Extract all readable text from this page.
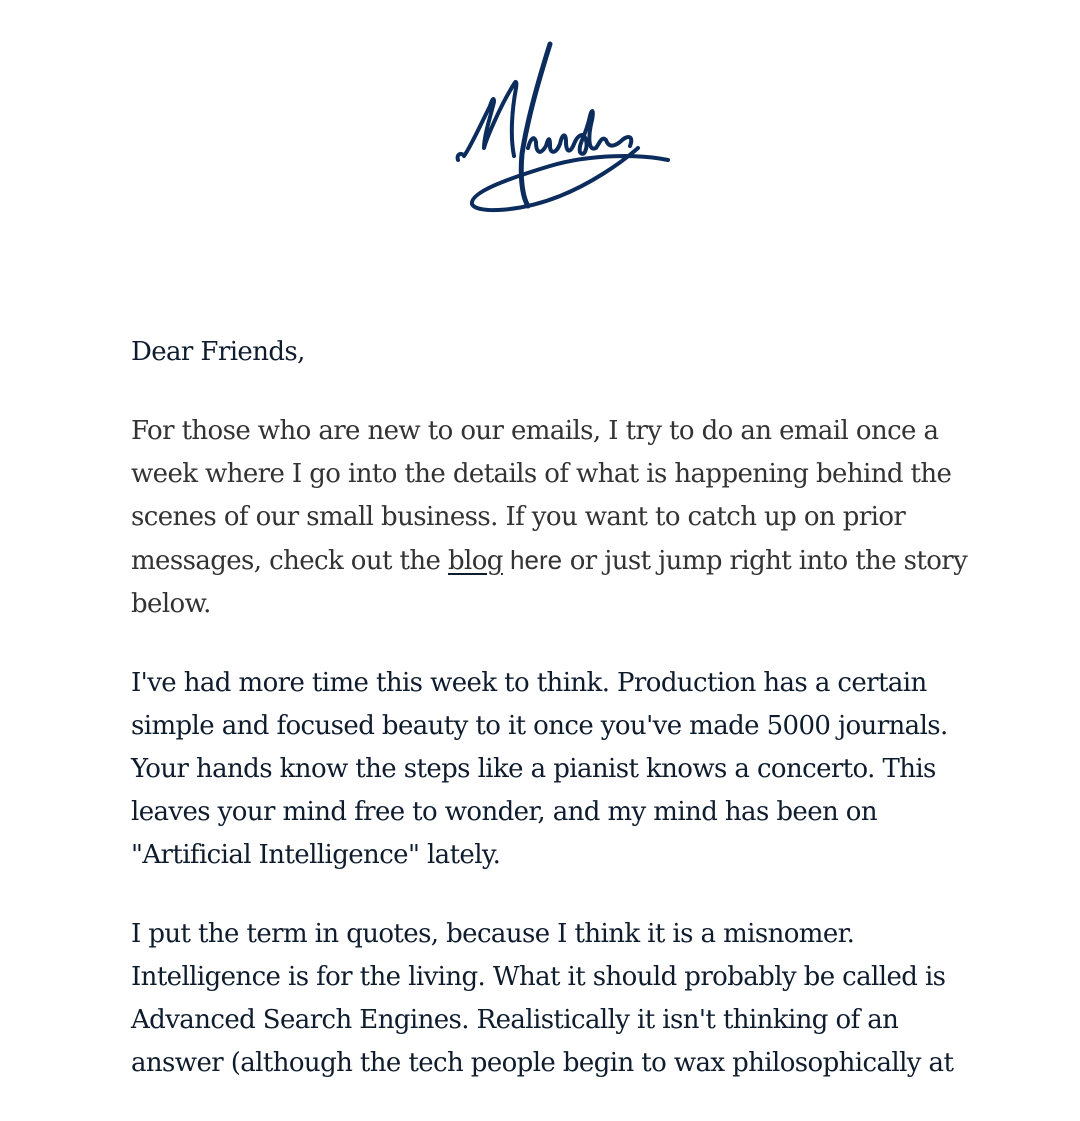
Dear Friends,

For those who are new to our emails, I try to do an email once a
week where I go into the details of what is happening behind the
scenes of our small business. If you want to catch up on prior
messages, check out the blog here or just jump right into the story
below.

I've had more time this week to think. Production has a certain
simple and focused beauty to it once you've made 5000 journals.
Your hands know the steps like a pianist knows a concerto. This
leaves your mind free to wonder, and my mind has been on
"Artificial Intelligence" lately.

I put the term in quotes, because I think it is a misnomer.
Intelligence is for the living. What it should probably be called is
Advanced Search Engines. Realistically it isn't thinking of an
answer (although the tech people begin to wax philosophically at
